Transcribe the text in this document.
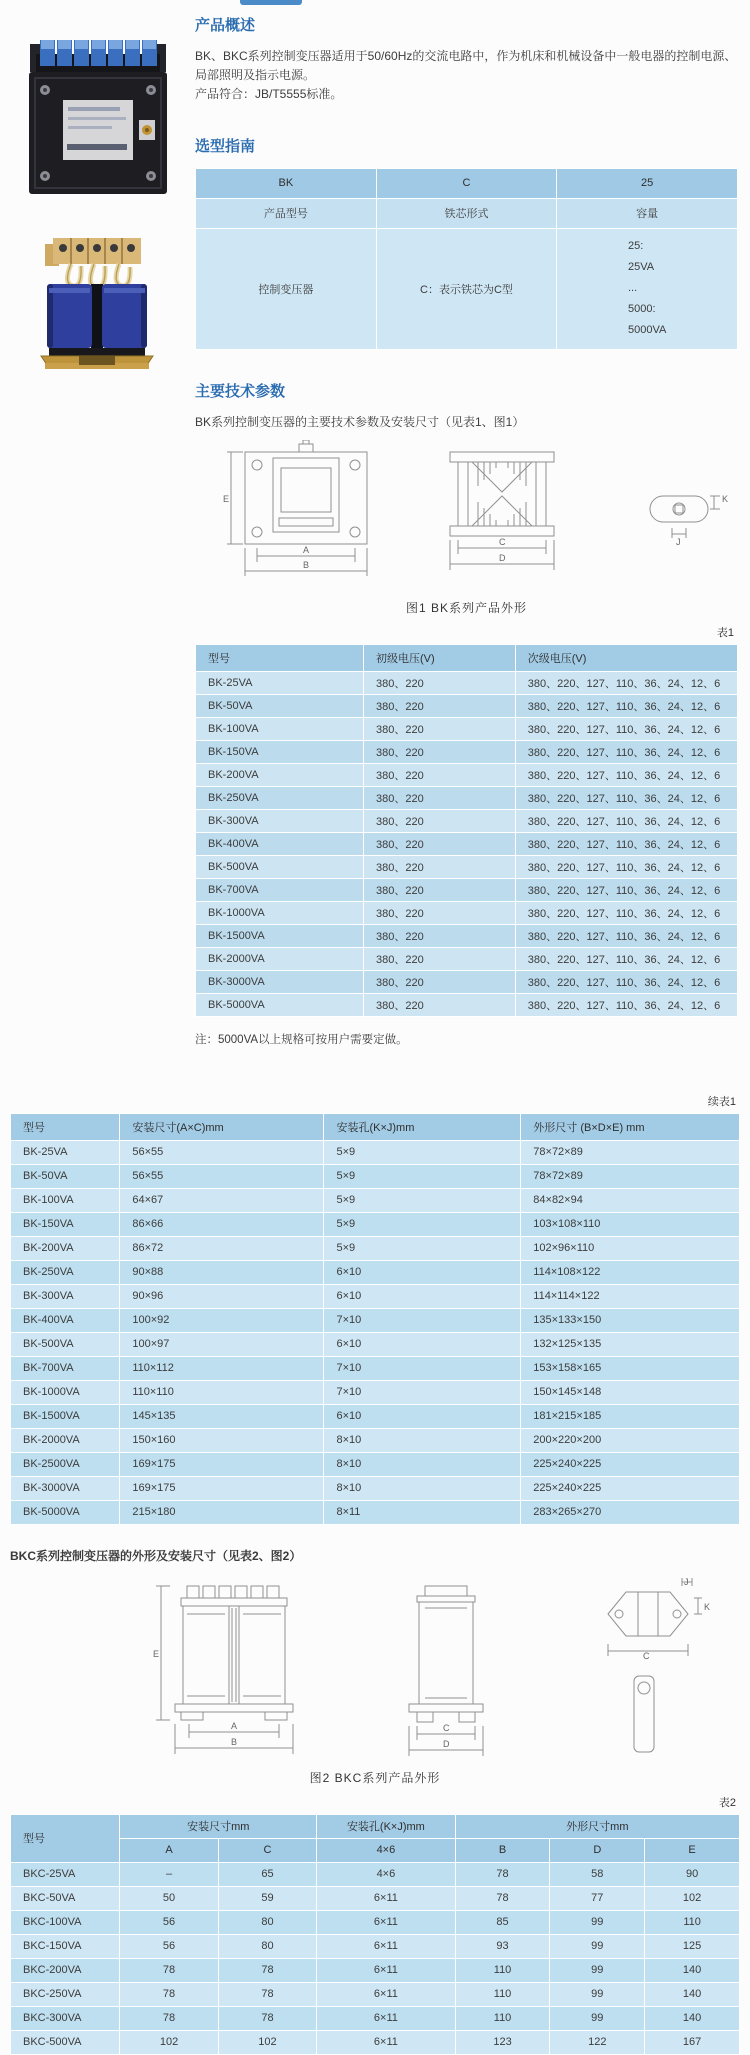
产品概述

BK、BKC系列控制变压器适用于50/60Hz的交流电路中，作为机床和机械设备中一般电器的控制电源、局部照明及指示电源。
产品符合：JB/T5555标准。

选型指南
BK	C	25
产品型号	铁芯形式	容量
控制变压器	C：表示铁芯为C型	25:
25VA
...
5000:
5000VA
主要技术参数

BK系列控制变压器的主要技术参数及安装尺寸（见表1、图1）

E
A
B
C
D
K
J
图1 BK系列产品外形
表1
型号	初级电压(V)	次级电压(V)
BK-25VA	380、220	380、220、127、110、36、24、12、6
BK-50VA	380、220	380、220、127、110、36、24、12、6
BK-100VA	380、220	380、220、127、110、36、24、12、6
BK-150VA	380、220	380、220、127、110、36、24、12、6
BK-200VA	380、220	380、220、127、110、36、24、12、6
BK-250VA	380、220	380、220、127、110、36、24、12、6
BK-300VA	380、220	380、220、127、110、36、24、12、6
BK-400VA	380、220	380、220、127、110、36、24、12、6
BK-500VA	380、220	380、220、127、110、36、24、12、6
BK-700VA	380、220	380、220、127、110、36、24、12、6
BK-1000VA	380、220	380、220、127、110、36、24、12、6
BK-1500VA	380、220	380、220、127、110、36、24、12、6
BK-2000VA	380、220	380、220、127、110、36、24、12、6
BK-3000VA	380、220	380、220、127、110、36、24、12、6
BK-5000VA	380、220	380、220、127、110、36、24、12、6

注：5000VA以上规格可按用户需要定做。

续表1
型号	安装尺寸(A×C)mm	安装孔(K×J)mm	外形尺寸 (B×D×E) mm
BK-25VA	56×55	5×9	78×72×89
BK-50VA	56×55	5×9	78×72×89
BK-100VA	64×67	5×9	84×82×94
BK-150VA	86×66	5×9	103×108×110
BK-200VA	86×72	5×9	102×96×110
BK-250VA	90×88	6×10	114×108×122
BK-300VA	90×96	6×10	114×114×122
BK-400VA	100×92	7×10	135×133×150
BK-500VA	100×97	6×10	132×125×135
BK-700VA	110×112	7×10	153×158×165
BK-1000VA	110×110	7×10	150×145×148
BK-1500VA	145×135	6×10	181×215×185
BK-2000VA	150×160	8×10	200×220×200
BK-2500VA	169×175	8×10	225×240×225
BK-3000VA	169×175	8×10	225×240×225
BK-5000VA	215×180	8×11	283×265×270

BKC系列控制变压器的外形及安装尺寸（见表2、图2）

E
A
B
C
D
J
K
C
图2 BKC系列产品外形
表2
型号	安装尺寸mm		安装孔(K×J)mm	外形尺寸mm		
	A	C	4×6	B	D	E
BKC-25VA	–	65	4×6	78	58	90
BKC-50VA	50	59	6×11	78	77	102
BKC-100VA	56	80	6×11	85	99	110
BKC-150VA	56	80	6×11	93	99	125
BKC-200VA	78	78	6×11	110	99	140
BKC-250VA	78	78	6×11	110	99	140
BKC-300VA	78	78	6×11	110	99	140
BKC-500VA	102	102	6×11	123	122	167
